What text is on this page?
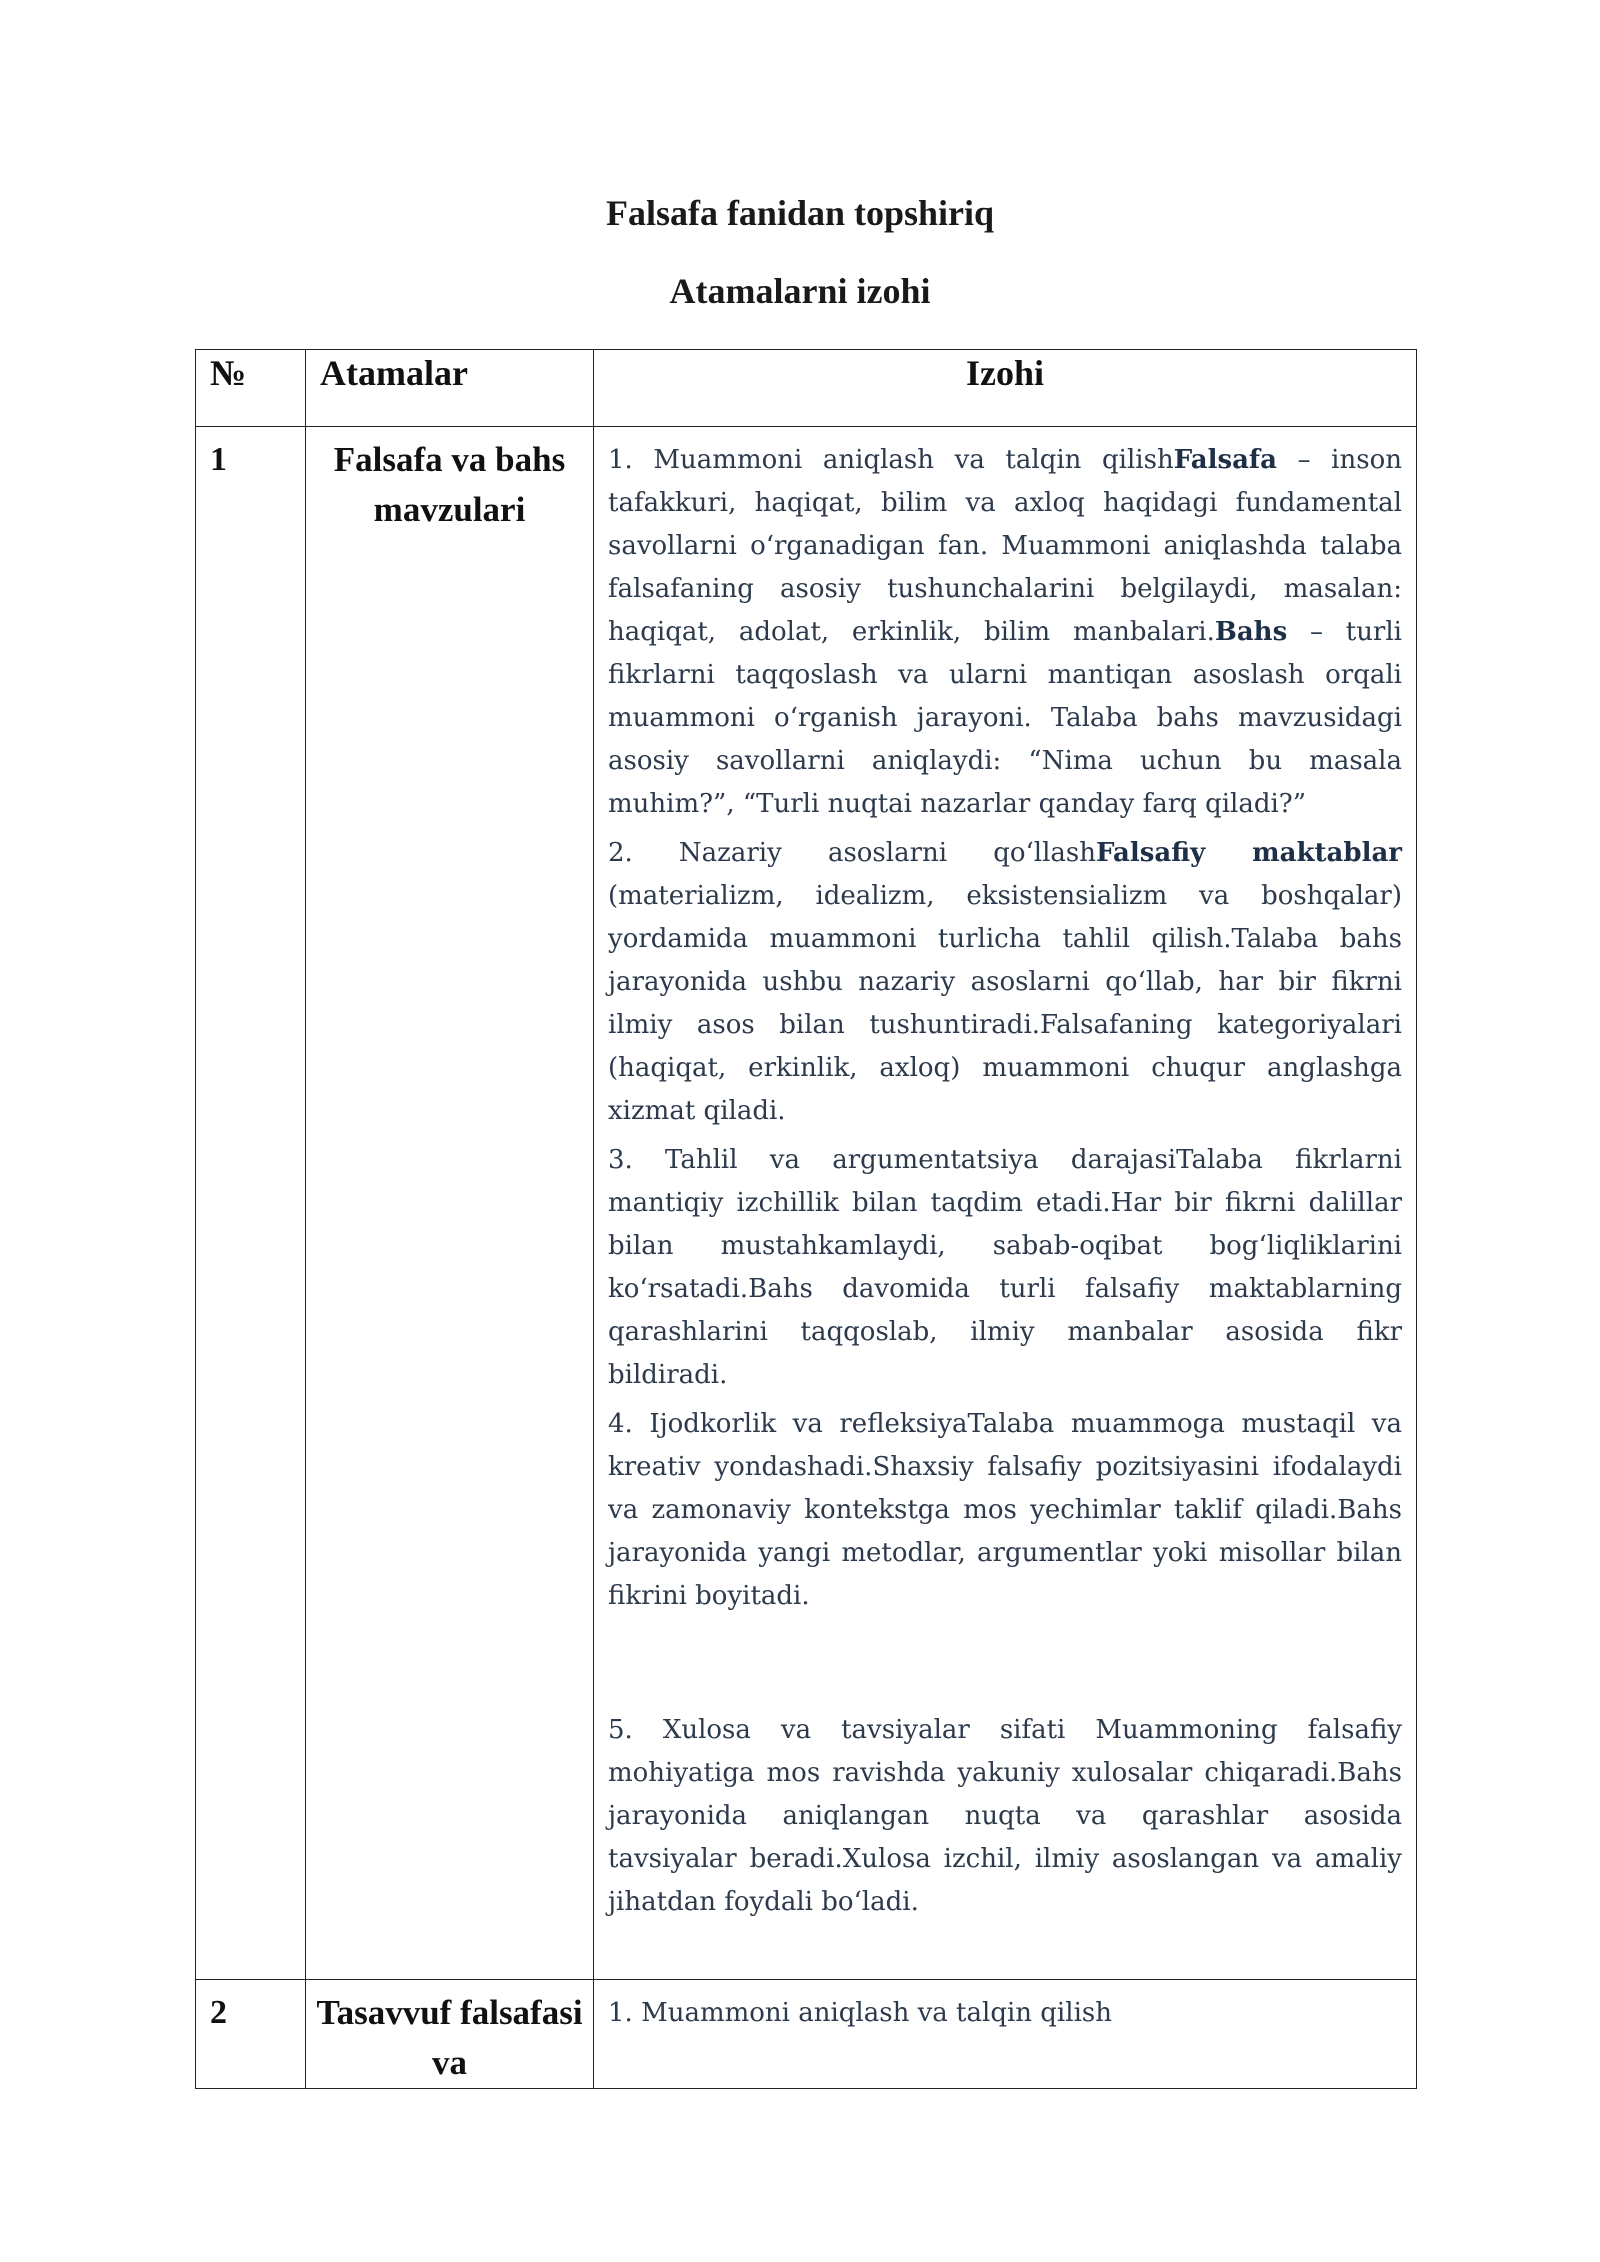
Falsafa fanidan topshiriq
Atamalarni izohi
№	Atamalar	Izohi
1	Falsafa va bahs mavzulari	1. Muammoni aniqlash va talqin qilishFalsafa – inson tafakkuri, haqiqat, bilim va axloq haqidagi fundamental savollarni oʻrganadigan fan. Muammoni aniqlashda talaba falsafaning asosiy tushunchalarini belgilaydi, masalan: haqiqat, adolat, erkinlik, bilim manbalari.Bahs – turli fikrlarni taqqoslash va ularni mantiqan asoslash orqali muammoni oʻrganish jarayoni. Talaba bahs mavzusidagi asosiy savollarni aniqlaydi: “Nima uchun bu masala muhim?”, “Turli nuqtai nazarlar qanday farq qiladi?”

2. Nazariy asoslarni qoʻllashFalsafiy maktablar (materializm, idealizm, eksistensializm va boshqalar) yordamida muammoni turlicha tahlil qilish.Talaba bahs jarayonida ushbu nazariy asoslarni qoʻllab, har bir fikrni ilmiy asos bilan tushuntiradi.Falsafaning kategoriyalari (haqiqat, erkinlik, axloq) muammoni chuqur anglashga xizmat qiladi.

3. Tahlil va argumentatsiya darajasiTalaba fikrlarni mantiqiy izchillik bilan taqdim etadi.Har bir fikrni dalillar bilan mustahkamlaydi, sabab-oqibat bogʻliqliklarini koʻrsatadi.Bahs davomida turli falsafiy maktablarning qarashlarini taqqoslab, ilmiy manbalar asosida fikr bildiradi.

4. Ijodkorlik va refleksiyaTalaba muammoga mustaqil va kreativ yondashadi.Shaxsiy falsafiy pozitsiyasini ifodalaydi va zamonaviy kontekstga mos yechimlar taklif qiladi.Bahs jarayonida yangi metodlar, argumentlar yoki misollar bilan fikrini boyitadi.

5. Xulosa va tavsiyalar sifati Muammoning falsafiy mohiyatiga mos ravishda yakuniy xulosalar chiqaradi.Bahs jarayonida aniqlangan nuqta va qarashlar asosida tavsiyalar beradi.Xulosa izchil, ilmiy asoslangan va amaliy jihatdan foydali boʻladi.

2	Tasavvuf falsafasi va	1. Muammoni aniqlash va talqin qilish
